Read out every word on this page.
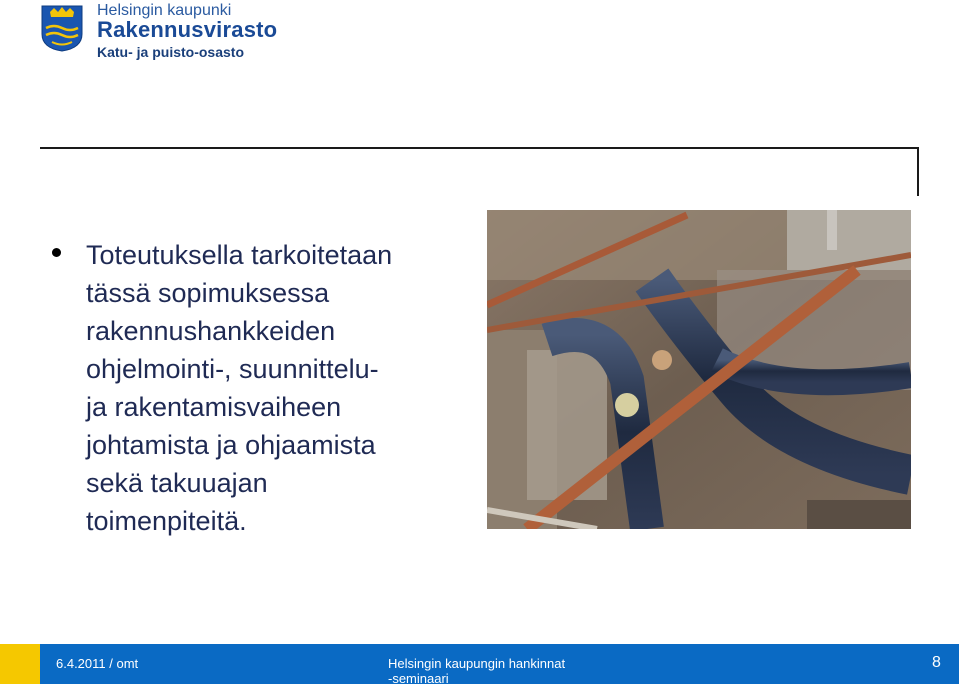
Helsingin kaupunki
Rakennusvirasto
Katu- ja puisto-osasto
Toteutuksella tarkoitetaan
tässä sopimuksessa
rakennushankkeiden
ohjelmointi-, suunnittelu-
ja rakentamisvaiheen
johtamista ja ohjaamista
sekä takuuajan
toimenpiteitä.
6.4.2011 / omt	Helsingin kaupungin hankinnat -seminaari
8
